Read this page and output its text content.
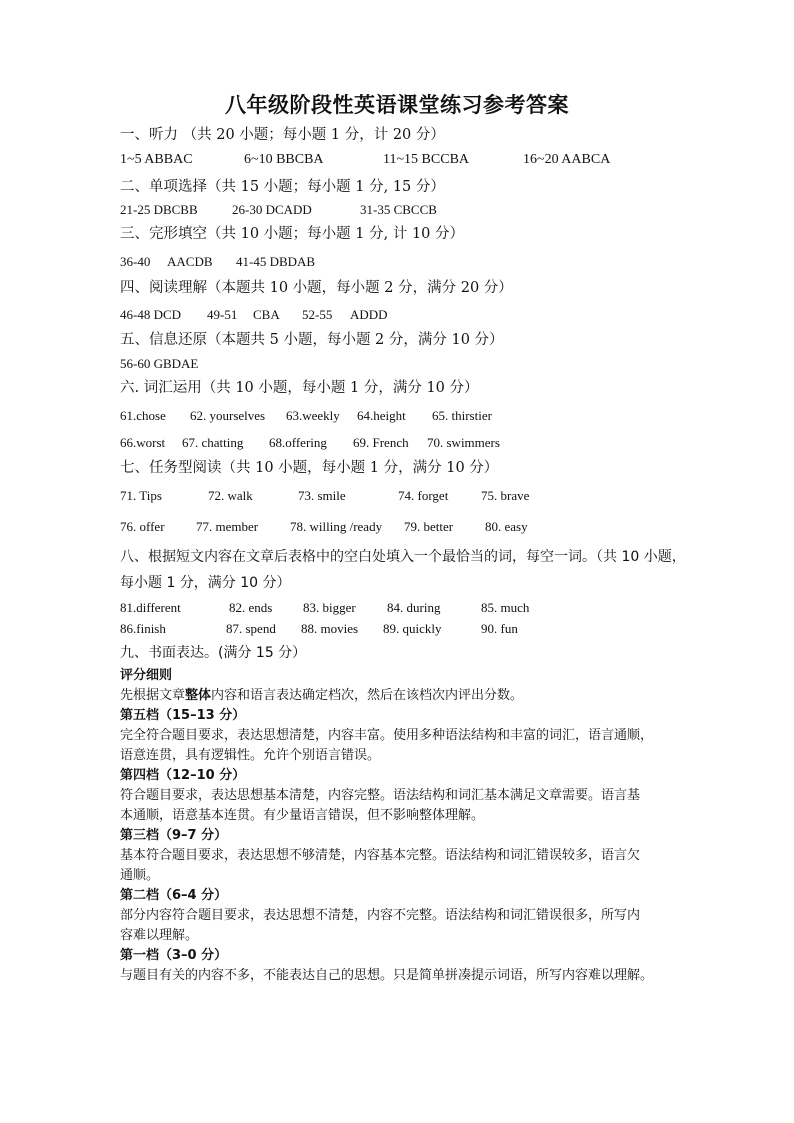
八年级阶段性英语课堂练习参考答案
一、听力 （共 20 小题；每小题 1 分，计 20 分）
1~5 ABBAC	6~10 BBCBA	11~15 BCCBA	16~20 AABCA
二、单项选择（共 15 小题；每小题 1 分, 15 分）
21-25 DBCBB	26-30 DCADD	31-35 CBCCB
三、完形填空（共 10 小题；每小题 1 分, 计 10 分）
36-40 AACDB 41-45 DBDAB
四、阅读理解（本题共 10 小题，每小题 2 分，满分 20 分）
46-48 DCD 49-51 CBA 52-55 ADDD
五、信息还原（本题共 5 小题，每小题 2 分，满分 10 分）
56-60 GBDAE
六. 词汇运用（共 10 小题，每小题 1 分，满分 10 分）
61.chose 62. yourselves 63.weekly 64.height 65. thirstier
66.worst 67. chatting 68.offering 69. French 70. swimmers
七、任务型阅读（共 10 小题，每小题 1 分，满分 10 分）
71. Tips	72. walk	73. smile	74. forget	75. brave
76. offer 77. member 78. willing /ready 79. better 80. easy
八、根据短文内容在文章后表格中的空白处填入一个最恰当的词，每空一词。（共 10 小题，
每小题 1 分，满分 10 分）
81.different	82. ends 83. bigger 84. during	85. much
86.finish	87. spend 88. movies 89. quickly	90. fun
九、书面表达。(满分 15 分）
评分细则
先根据文章整体内容和语言表达确定档次，然后在该档次内评出分数。
第五档（15–13 分）
完全符合题目要求，表达思想清楚，内容丰富。使用多种语法结构和丰富的词汇，语言通顺，
语意连贯，具有逻辑性。允许个别语言错误。
第四档（12–10 分）
符合题目要求，表达思想基本清楚，内容完整。语法结构和词汇基本满足文章需要。语言基
本通顺，语意基本连贯。有少量语言错误，但不影响整体理解。
第三档（9–7 分）
基本符合题目要求，表达思想不够清楚，内容基本完整。语法结构和词汇错误较多，语言欠
通顺。
第二档（6–4 分）
部分内容符合题目要求，表达思想不清楚，内容不完整。语法结构和词汇错误很多，所写内
容难以理解。
第一档（3–0 分）
与题目有关的内容不多，不能表达自己的思想。只是简单拼凑提示词语，所写内容难以理解。
